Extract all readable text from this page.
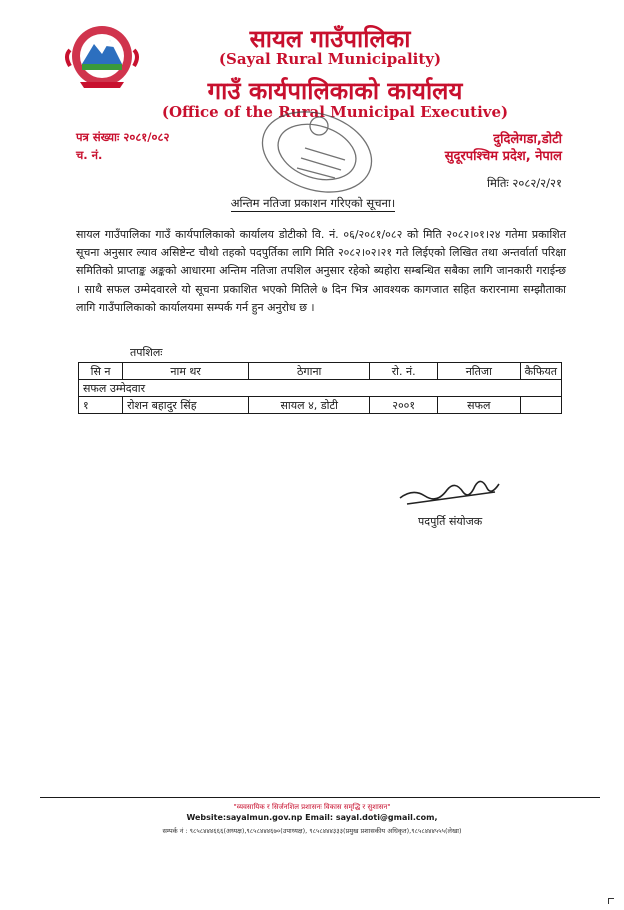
सायल गाउँपालिका
(Sayal Rural Municipality)
गाउँ कार्यपालिकाको कार्यालय
(Office of the Rural Municipal Executive)
पत्र संख्याः २०८१/०८२
च. नं.
दुदिलेगडा,डोटी
सुदूरपश्चिम प्रदेश, नेपाल
मितिः २०८२/२/२१
अन्तिम नतिजा प्रकाशन गरिएको सूचना।
सायल गाउँपालिका गाउँ कार्यपालिकाको कार्यालय डोटीको वि. नं. ०६/२०८१/०८२ को मिति २०८२।०१।२४ गतेमा प्रकाशित सूचना अनुसार ल्याव असिष्टेन्ट चौथो तहको पदपुर्तिका लागि मिति २०८२।०२।२१ गते लिईएको लिखित तथा अन्तर्वार्ता परिक्षा समितिको प्राप्ताङ्क अङ्कको आधारमा अन्तिम नतिजा तपशिल अनुसार रहेको ब्यहोरा सम्बन्धित सबैका लागि जानकारी गराईन्छ । साथै सफल उम्मेदवारले यो सूचना प्रकाशित भएको मितिले ७ दिन भित्र आवश्यक कागजात सहित करारनामा सम्झौताका लागि गाउँपालिकाको कार्यालयमा सम्पर्क गर्न हुन अनुरोध छ ।
तपशिलः
सि न	नाम थर	ठेगाना	रो. नं.	नतिजा	कैफियत
सफल उम्मेदवार					
१	रोशन बहादुर सिंह	सायल ४, डोटी	२००१	सफल	
पदपुर्ति संयोजक
"व्यवसायिक र सिर्जनशिल प्रशासनः विकास समृद्धि र सुशासन"
Website:sayalmun.gov.np Email: sayal.doti@gmail.com,
सम्पर्क नं : ९८५८४४४६६६(अध्यक्ष),९८५८४४४६७०(उपाध्यक्ष), ९८५८४४४३३३(प्रमुख प्रशासकीय अधिकृत),९८५८४४४५५५(लेखा)
